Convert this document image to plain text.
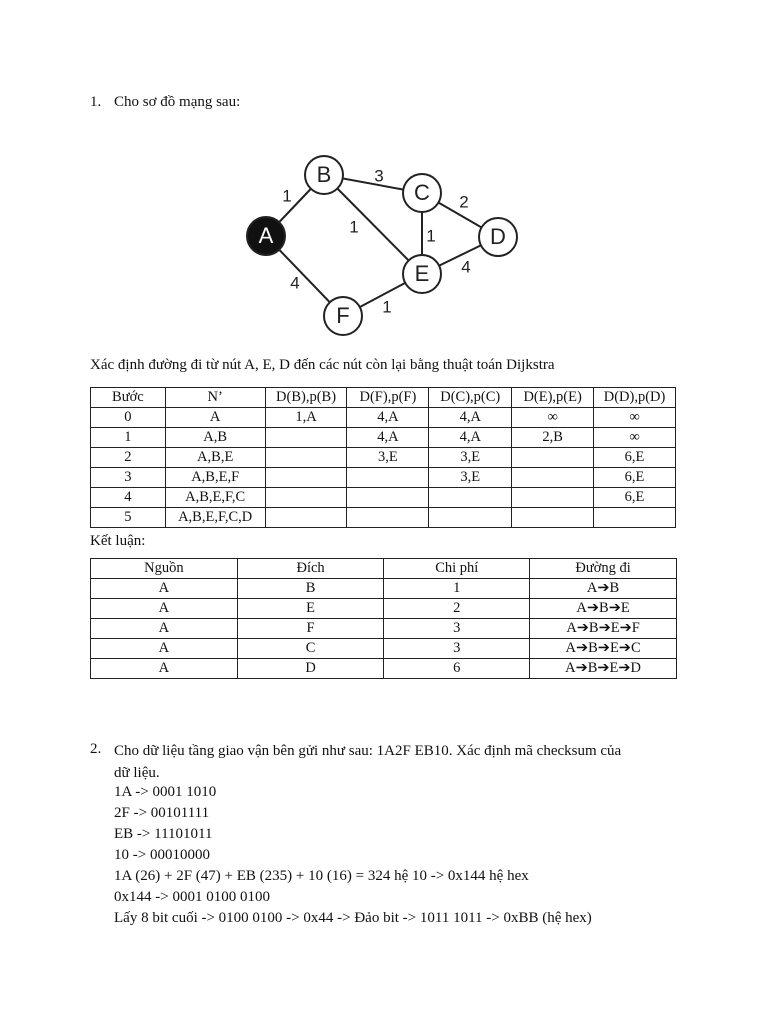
1. Cho sơ đồ mạng sau:
1
3
1
2
1
4
4
1
A
B
C
D
E
F
Xác định đường đi từ nút A, E, D đến các nút còn lại bằng thuật toán Dijkstra
Bước	N’	D(B),p(B)	D(F),p(F)	D(C),p(C)	D(E),p(E)	D(D),p(D)
0	A	1,A	4,A	4,A	∞	∞
1	A,B		4,A	4,A	2,B	∞
2	A,B,E		3,E	3,E		6,E
3	A,B,E,F			3,E		6,E
4	A,B,E,F,C					6,E
5	A,B,E,F,C,D					
Kết luận:
Nguồn	Đích	Chi phí	Đường đi
A	B	1	A➔B
A	E	2	A➔B➔E
A	F	3	A➔B➔E➔F
A	C	3	A➔B➔E➔C
A	D	6	A➔B➔E➔D
2. Cho dữ liệu tầng giao vận bên gửi như sau: 1A2F EB10. Xác định mã checksum của
dữ liệu.
1A -> 0001 1010
2F -> 00101111
EB -> 11101011
10 -> 00010000
1A (26) + 2F (47) + EB (235) + 10 (16) = 324 hệ 10 -> 0x144 hệ hex
0x144 -> 0001 0100 0100
Lấy 8 bit cuối -> 0100 0100 -> 0x44 -> Đảo bit -> 1011 1011 -> 0xBB (hệ hex)
